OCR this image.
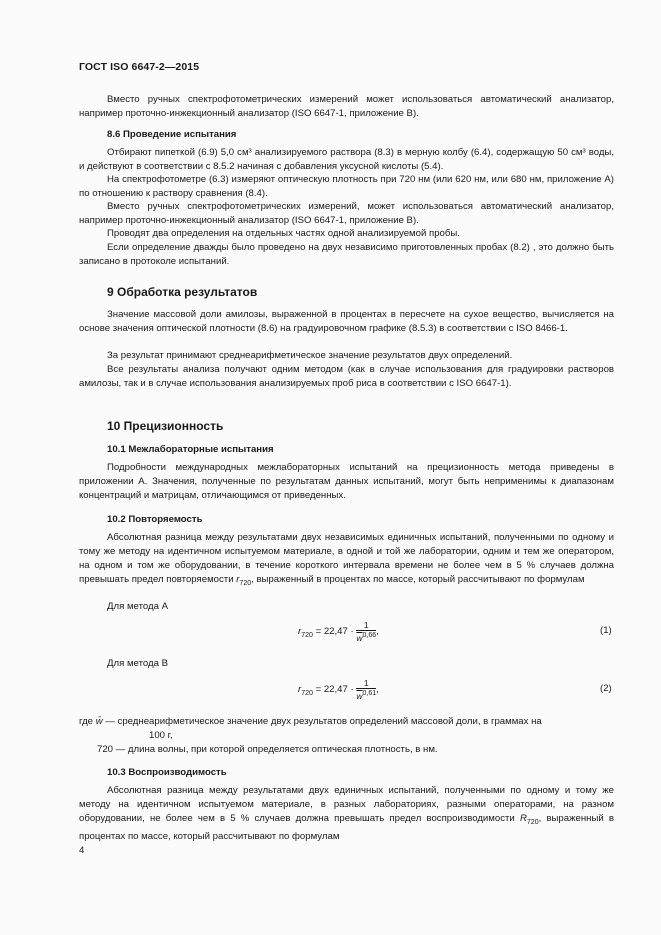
ГОСТ ISO 6647-2—2015

Вместо ручных спектрофотометрических измерений может использоваться автоматический анализатор, например проточно-инжекционный анализатор (ISO 6647-1, приложение B).

8.6 Проведение испытания

Отбирают пипеткой (6.9) 5,0 см³ анализируемого раствора (8.3) в мерную колбу (6.4), содержащую 50 см³ воды, и действуют в соответствии с 8.5.2 начиная с добавления уксусной кислоты (5.4).

На спектрофотометре (6.3) измеряют оптическую плотность при 720 нм (или 620 нм, или 680 нм, приложение А) по отношению к раствору сравнения (8.4).

Вместо ручных спектрофотометрических измерений, может использоваться автоматический анализатор, например проточно-инжекционный анализатор (ISO 6647-1, приложение B).

Проводят два определения на отдельных частях одной анализируемой пробы.

Если определение дважды было проведено на двух независимо приготовленных пробах (8.2) , это должно быть записано в протоколе испытаний.

9 Обработка результатов

Значение массовой доли амилозы, выраженной в процентах в пересчете на сухое вещество, вычисляется на основе значения оптической плотности (8.6) на градуировочном графике (8.5.3) в соответствии с ISO 8466-1.

За результат принимают среднеарифметическое значение результатов двух определений.

Все результаты анализа получают одним методом (как в случае использования для градуировки растворов амилозы, так и в случае использования анализируемых проб риса в соответствии с ISO 6647-1).

10 Прецизионность

10.1 Межлабораторные испытания

Подробности международных межлабораторных испытаний на прецизионность метода приведены в приложении А. Значения, полученные по результатам данных испытаний, могут быть неприменимы к диапазонам концентраций и матрицам, отличающимся от приведенных.

10.2 Повторяемость

Абсолютная разница между результатами двух независимых единичных испытаний, полученными по одному и тому же методу на идентичном испытуемом материале, в одной и той же лаборатории, одним и тем же оператором, на одном и том же оборудовании, в течение короткого интервала времени не более чем в 5 % случаев должна превышать предел повторяемости $r_{720}$, выраженный в процентах по массе, который рассчитывают по формулам

Для метода А
$r_{720} = 22,47 \cdot \frac{1}{\overline{w}^{0,66}}$ ,	(1)
Для метода В
$r_{720} = 22,47 \cdot \frac{1}{\overline{w}^{0,61}}$ ,	(2)
где w̄ — среднеарифметическое значение двух результатов определений массовой доли, в граммах на
100 г,
720 — длина волны, при которой определяется оптическая плотность, в нм.

10.3 Воспроизводимость

Абсолютная разница между результатами двух единичных испытаний, полученными по одному и тому же методу на идентичном испытуемом материале, в разных лабораториях, разными операторами, на разном оборудовании, не более чем в 5 % случаев должна превышать предел воспроизводимости $R_{720}$, выраженный в процентах по массе, который рассчитывают по формулам

4
